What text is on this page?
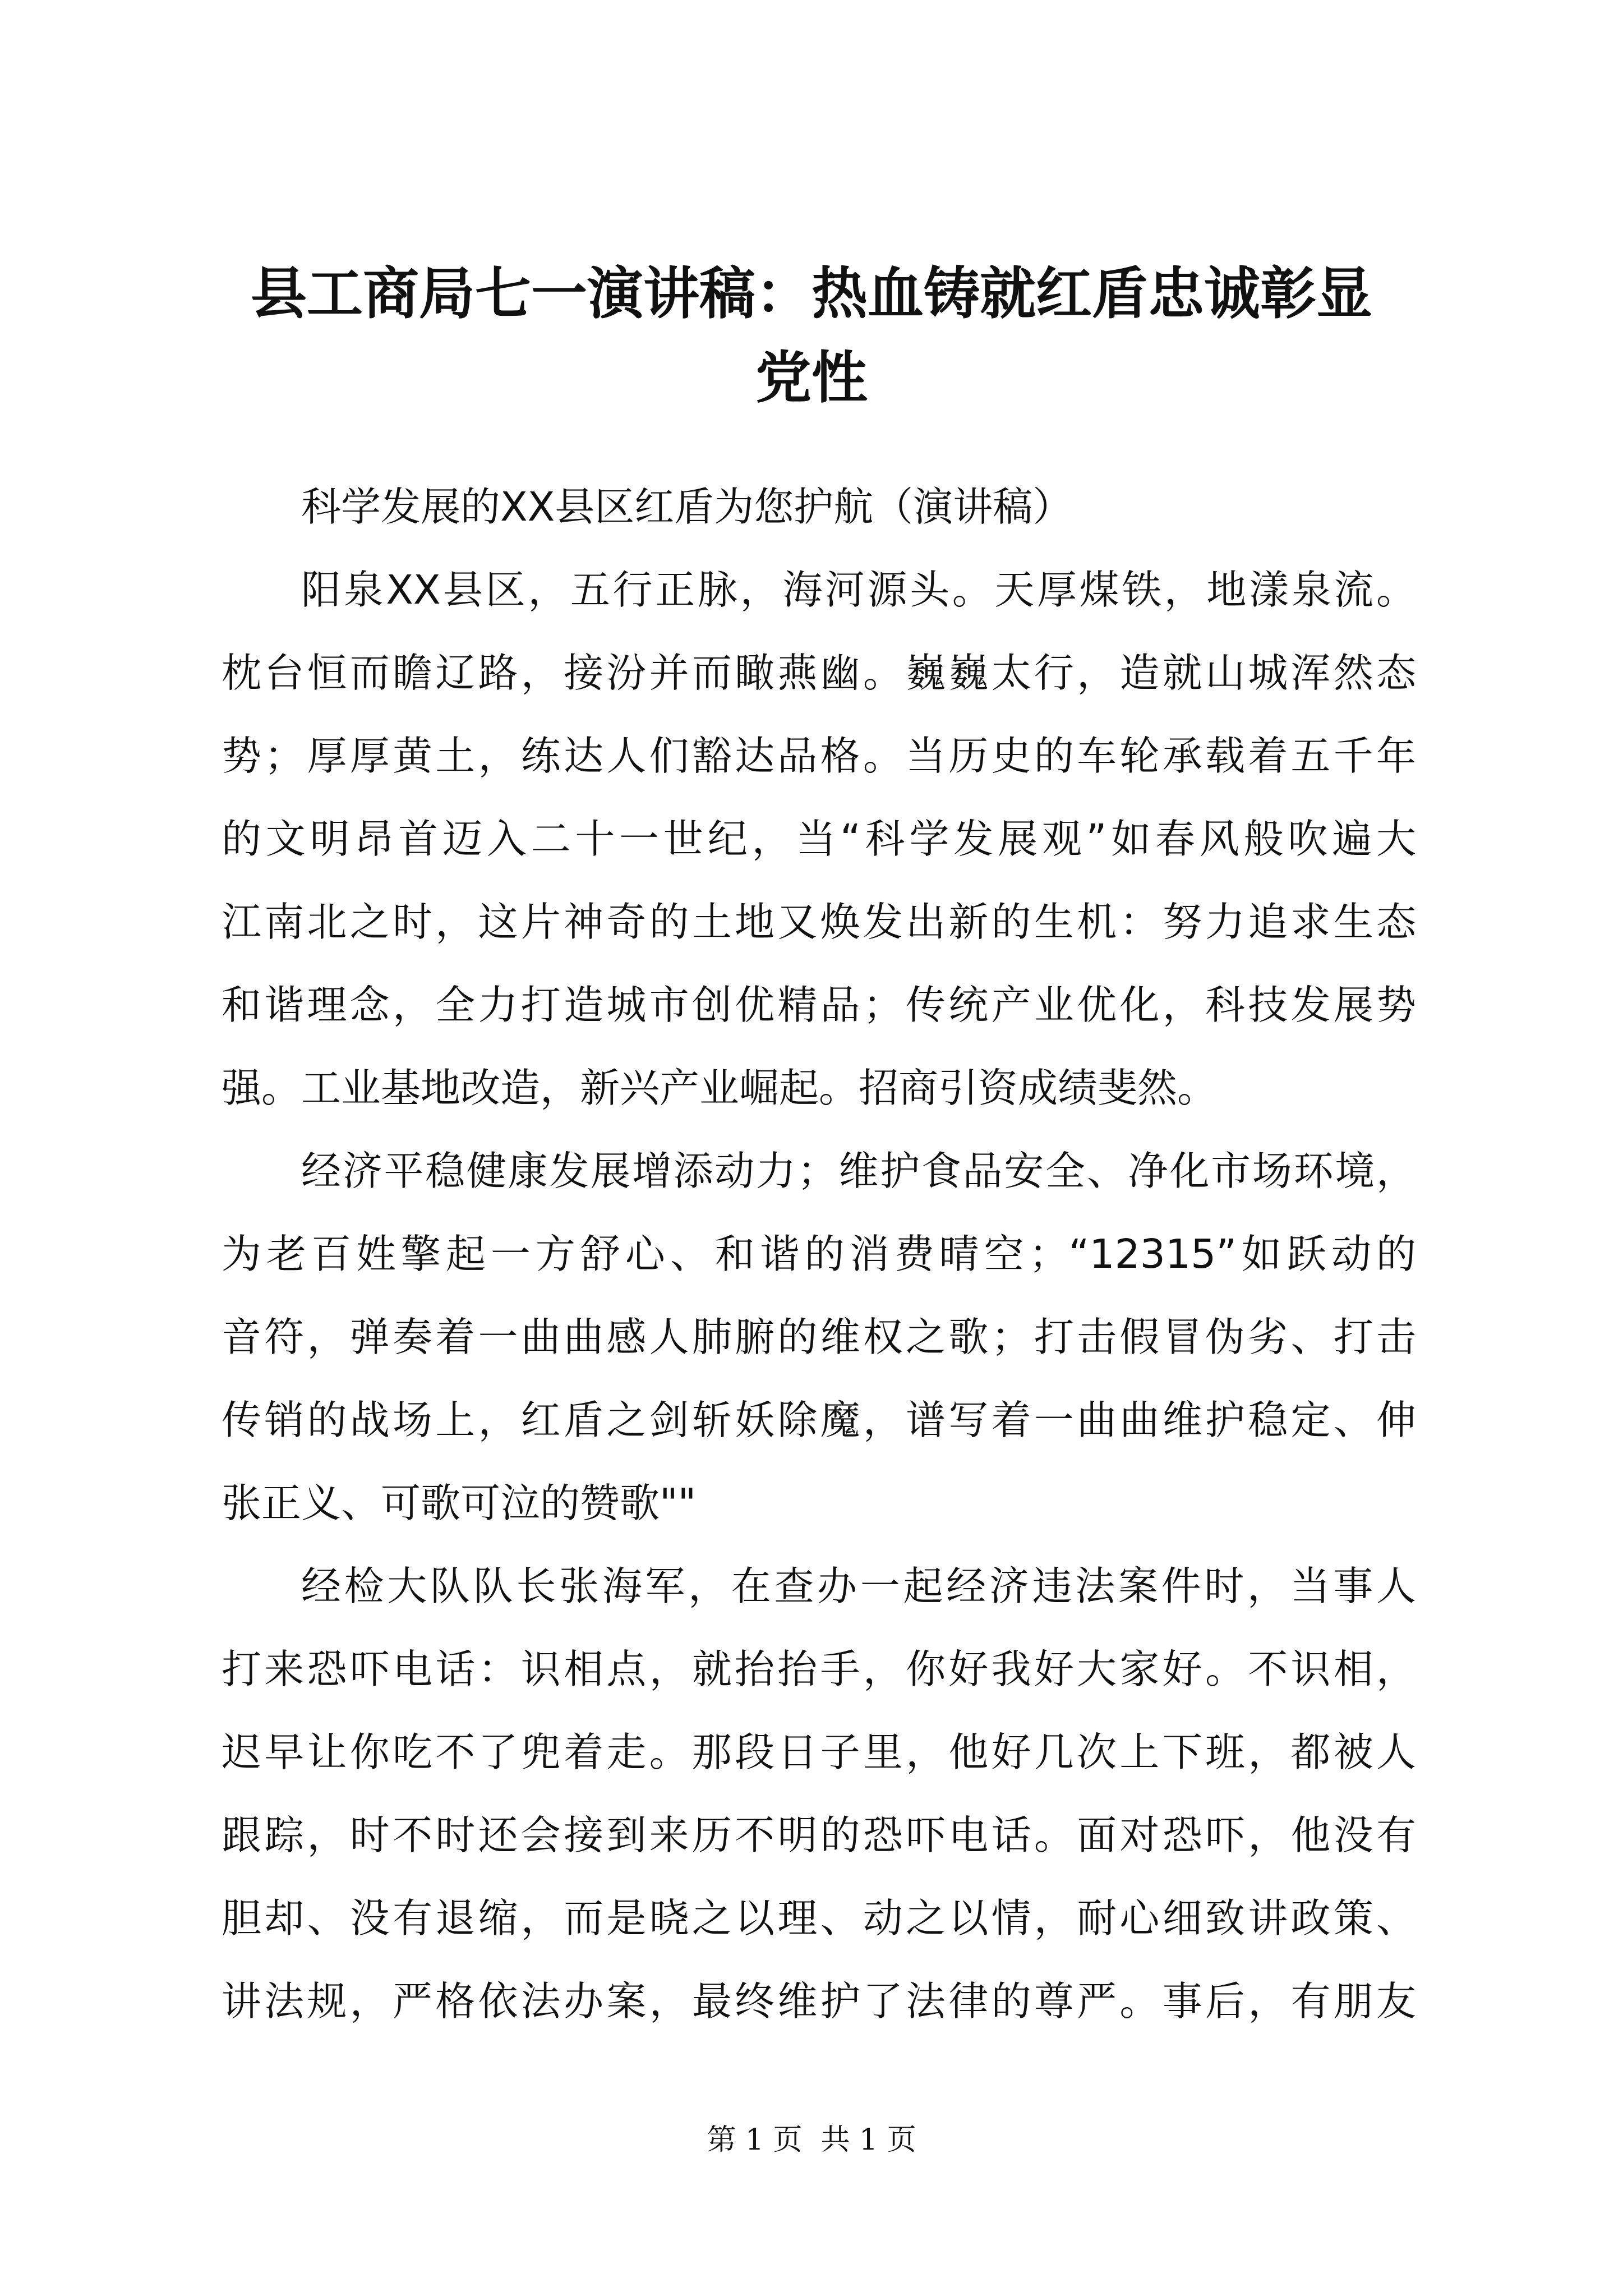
县工商局七一演讲稿：热血铸就红盾忠诚彰显
党性

科学发展的XX县区红盾为您护航（演讲稿）

阳泉XX县区，五行正脉，海河源头。天厚煤铁，地漾泉流。
枕台恒而瞻辽路，接汾并而瞰燕幽。巍巍太行，造就山城浑然态
势；厚厚黄土，练达人们豁达品格。当历史的车轮承载着五千年
的文明昂首迈入二十一世纪，当“科学发展观”如春风般吹遍大
江南北之时，这片神奇的土地又焕发出新的生机：努力追求生态
和谐理念，全力打造城市创优精品；传统产业优化，科技发展势
强。工业基地改造，新兴产业崛起。招商引资成绩斐然。

经济平稳健康发展增添动力；维护食品安全、净化市场环境，
为老百姓擎起一方舒心、和谐的消费晴空；“12315”如跃动的
音符，弹奏着一曲曲感人肺腑的维权之歌；打击假冒伪劣、打击
传销的战场上，红盾之剑斩妖除魔，谱写着一曲曲维护稳定、伸
张正义、可歌可泣的赞歌""

经检大队队长张海军，在查办一起经济违法案件时，当事人
打来恐吓电话：识相点，就抬抬手，你好我好大家好。不识相，
迟早让你吃不了兜着走。那段日子里，他好几次上下班，都被人
跟踪，时不时还会接到来历不明的恐吓电话。面对恐吓，他没有
胆却、没有退缩，而是晓之以理、动之以情，耐心细致讲政策、
讲法规，严格依法办案，最终维护了法律的尊严。事后，有朋友

第 1 页  共 1 页
